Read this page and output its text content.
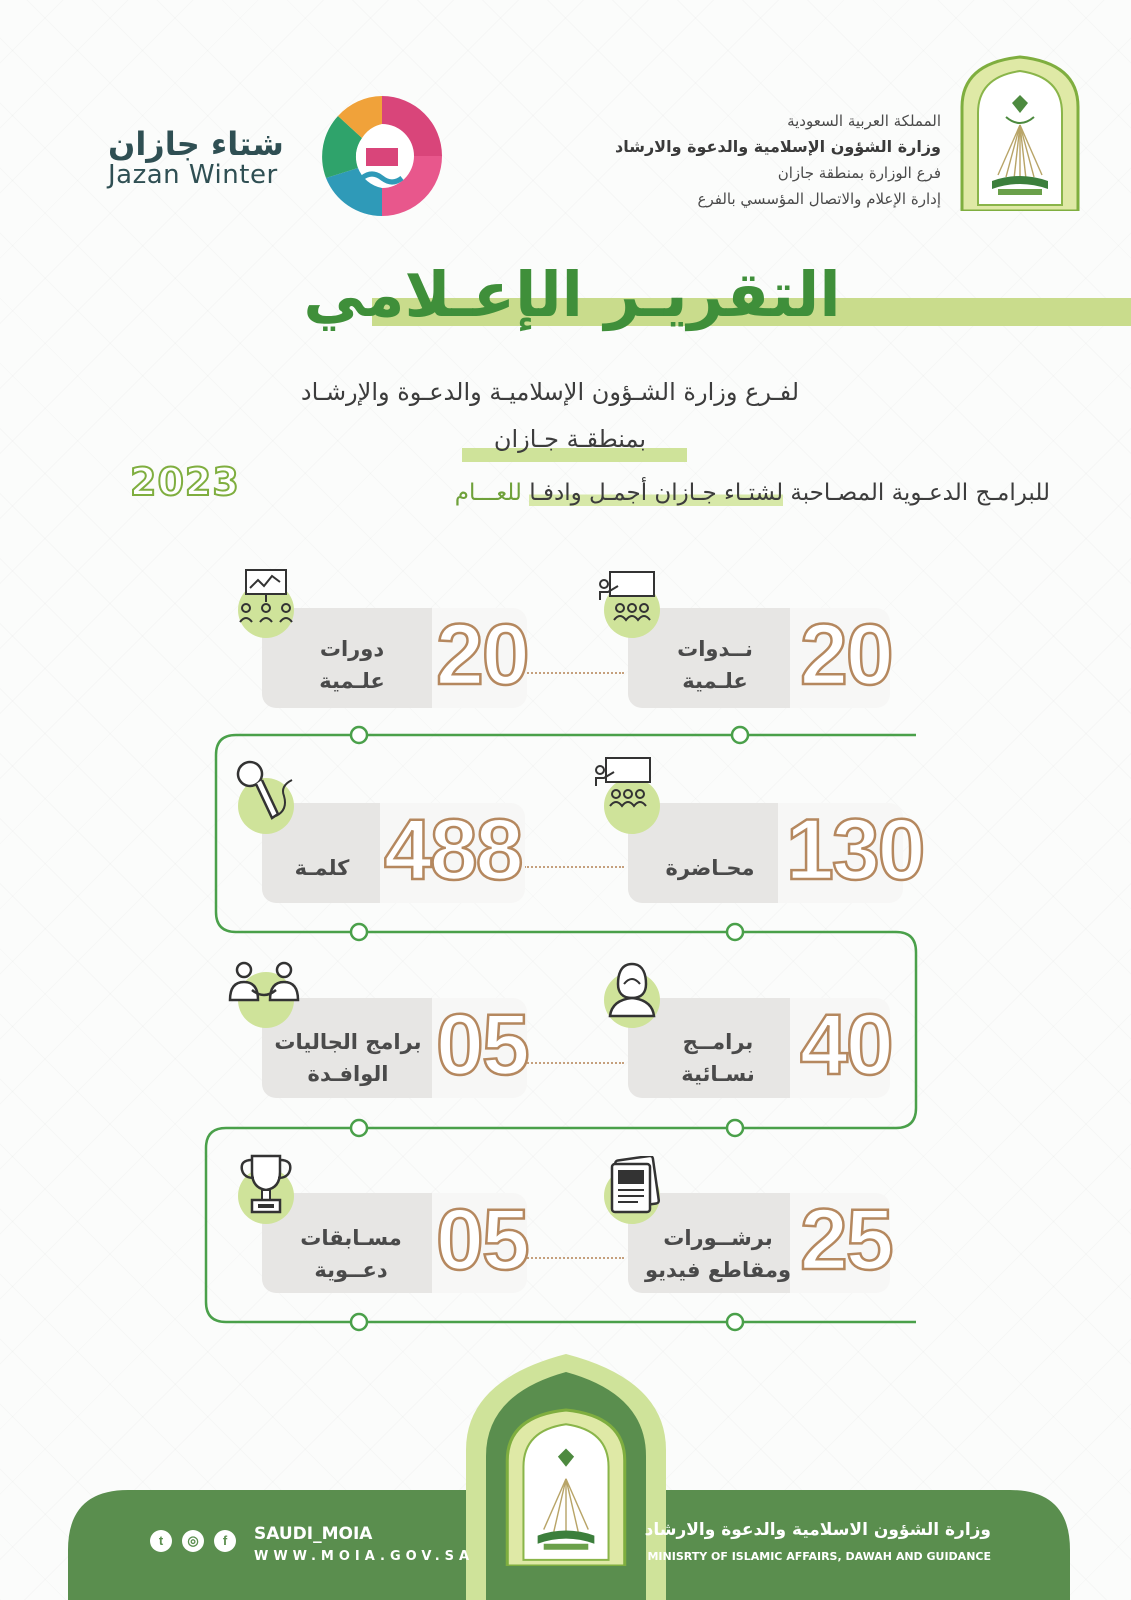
المملكة العربية السعودية
وزارة الشؤون الإسلامية والدعوة والارشاد
فرع الوزارة بمنطقة جازان
إدارة الإعلام والاتصال المؤسسي بالفرع
شتاء جازان
Jazan Winter
التقريـر الإعـلامي
لفـرع وزارة الشـؤون الإسلاميـة والدعـوة والإرشـاد
بمنطقـة جـازان
للبرامـج الدعـوية المصـاحبة لشتـاء جـازان أجمـل وادفـا للعـــام
2023
20
نــدوات
علـمية
20
دورات
علـمية
130
محـاضرة
488
كلمـة
40
برامــج
نسـائية
05
برامج الجاليات
الوافـدة
25
برشــورات
ومقاطع فيديو
05
مسـابقات
دعــوية
وزارة الشؤون الاسلامية والدعوة والارشاد
MINISRTY OF ISLAMIC AFFAIRS, DAWAH AND GUIDANCE
t	◎	f	SAUDI_MOIA
WWW.MOIA.GOV.SA
